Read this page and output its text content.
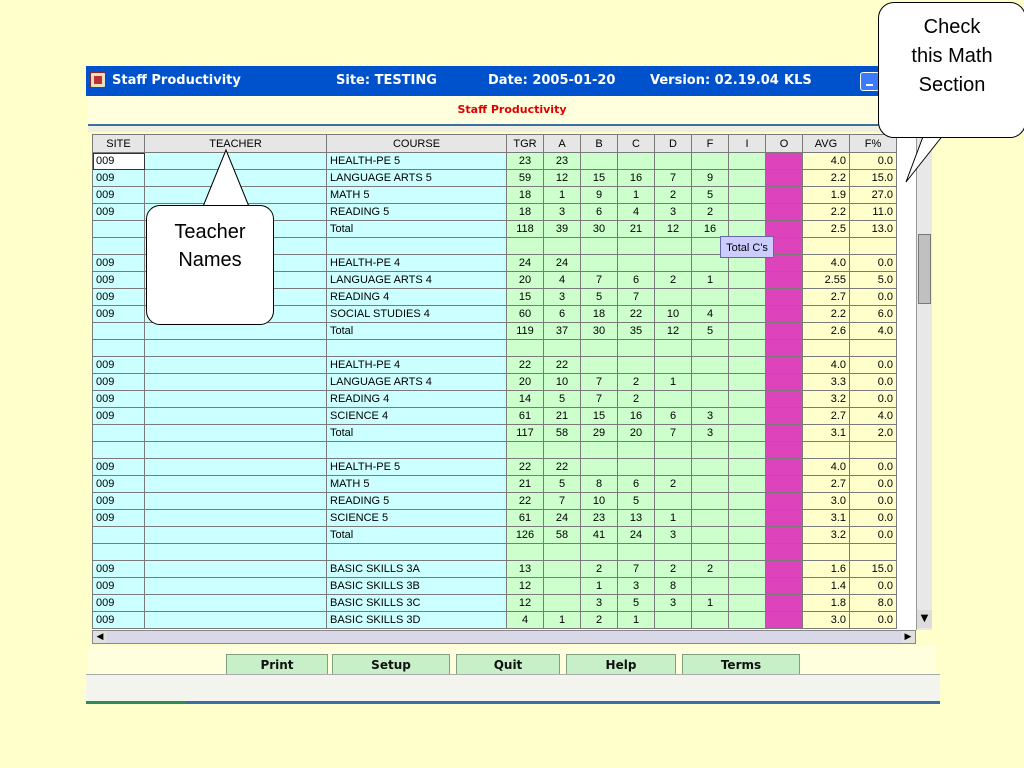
Staff Productivity	Site: TESTING	Date: 2005-01-20	Version: 02.19.04 KLS
Staff Productivity
SITE	TEACHER	COURSE	TGR	A	B	C	D	F	I	O	AVG	F%
009		HEALTH-PE 5	23	23							4.0	0.0
009		LANGUAGE ARTS 5	59	12	15	16	7	9			2.2	15.0
009		MATH 5	18	1	9	1	2	5			1.9	27.0
009		READING 5	18	3	6	4	3	2			2.2	11.0
		Total	118	39	30	21	12	16			2.5	13.0

009		HEALTH-PE 4	24	24							4.0	0.0
009		LANGUAGE ARTS 4	20	4	7	6	2	1			2.55	5.0
009		READING 4	15	3	5	7					2.7	0.0
009		SOCIAL STUDIES 4	60	6	18	22	10	4			2.2	6.0
		Total	119	37	30	35	12	5			2.6	4.0

009		HEALTH-PE 4	22	22							4.0	0.0
009		LANGUAGE ARTS 4	20	10	7	2	1				3.3	0.0
009		READING 4	14	5	7	2					3.2	0.0
009		SCIENCE 4	61	21	15	16	6	3			2.7	4.0
		Total	117	58	29	20	7	3			3.1	2.0

009		HEALTH-PE 5	22	22							4.0	0.0
009		MATH 5	21	5	8	6	2				2.7	0.0
009		READING 5	22	7	10	5					3.0	0.0
009		SCIENCE 5	61	24	23	13	1				3.1	0.0
		Total	126	58	41	24	3				3.2	0.0

009		BASIC SKILLS 3A	13		2	7	2	2			1.6	15.0
009		BASIC SKILLS 3B	12		1	3	8				1.4	0.0
009		BASIC SKILLS 3C	12		3	5	3	1			1.8	8.0
009		BASIC SKILLS 3D	4	1	2	1					3.0	0.0	▼
◀	▶
Print	Setup	Quit	Help	Terms
Total C's
Teacher
Names
Check
this Math
Section
